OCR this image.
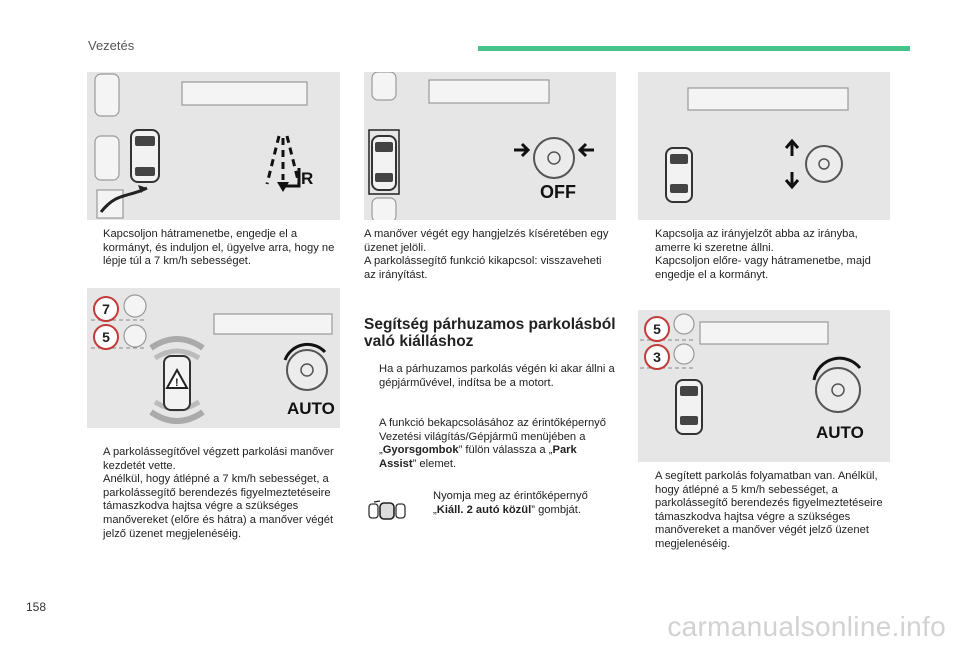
Vezetés
R
OFF
Kapcsoljon hátramenetbe, engedje el a kormányt, és induljon el, ügyelve arra, hogy ne lépje túl a 7 km/h sebességet.
!
AUTO
7
5
A parkolássegítővel végzett parkolási manőver kezdetét vette.
Anélkül, hogy átlépné a 7 km/h sebességet, a parkolássegítő berendezés figyelmeztetéseire támaszkodva hajtsa végre a szükséges manővereket (előre és hátra) a manőver végét jelző üzenet megjelenéséig.

A manőver végét egy hangjelzés kíséretében egy üzenet jelöli.

A parkolássegítő funkció kikapcsol: visszaveheti az irányítást.

Segítség párhuzamos parkolásból való kiálláshoz
Ha a párhuzamos parkolás végén ki akar állni a gépjárművével, indítsa be a motort.
A funkció bekapcsolásához az érintőképernyő Vezetési világítás/Gépjármű menüjében a „Gyorsgombok” fülön válassza a „Park Assist” elemet.
Nyomja meg az érintőképernyő „Kiáll. 2 autó közül” gombját.
Kapcsolja az irányjelzőt abba az irányba, amerre ki szeretne állni.
Kapcsoljon előre- vagy hátramenetbe, majd engedje el a kormányt.
AUTO
5
3
A segített parkolás folyamatban van. Anélkül, hogy átlépné a 5 km/h sebességet, a parkolássegítő berendezés figyelmeztetéseire támaszkodva hajtsa végre a szükséges manővereket a manőver végét jelző üzenet megjelenéséig.
158
carmanualsonline.info
